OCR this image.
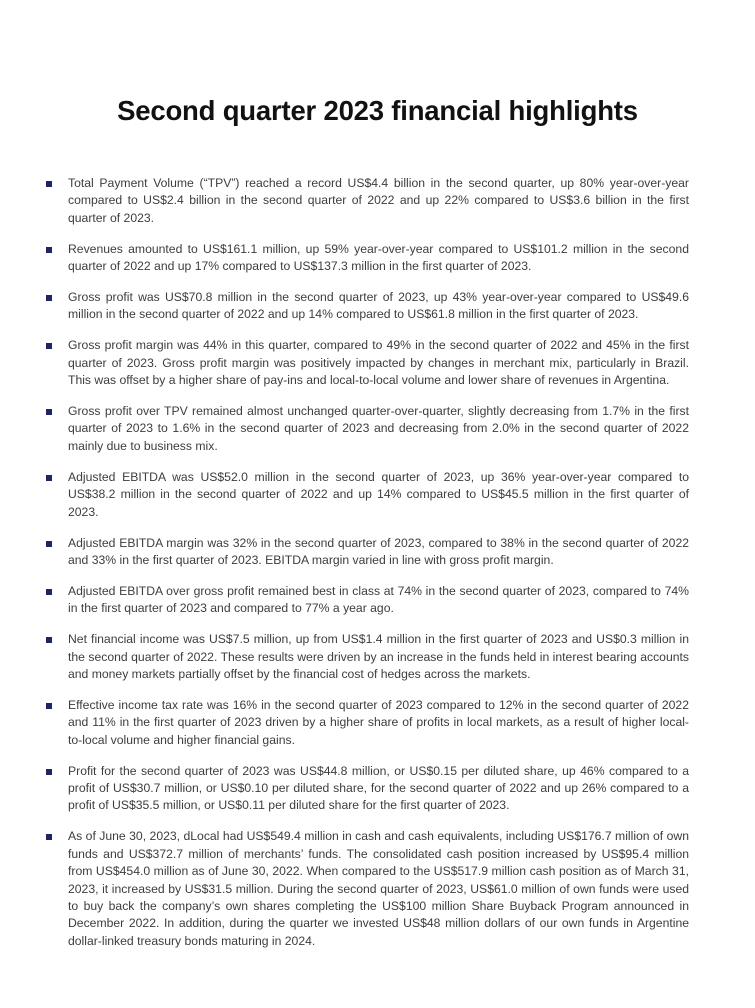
Second quarter 2023 financial highlights
Total Payment Volume (“TPV”) reached a record US$4.4 billion in the second quarter, up 80% year-over-year compared to US$2.4 billion in the second quarter of 2022 and up 22% compared to US$3.6 billion in the first quarter of 2023.
Revenues amounted to US$161.1 million, up 59% year-over-year compared to US$101.2 million in the second quarter of 2022 and up 17% compared to US$137.3 million in the first quarter of 2023.
Gross profit was US$70.8 million in the second quarter of 2023, up 43% year-over-year compared to US$49.6 million in the second quarter of 2022 and up 14% compared to US$61.8 million in the first quarter of 2023.
Gross profit margin was 44% in this quarter, compared to 49% in the second quarter of 2022 and 45% in the first quarter of 2023. Gross profit margin was positively impacted by changes in merchant mix, particularly in Brazil. This was offset by a higher share of pay-ins and local-to-local volume and lower share of revenues in Argentina.
Gross profit over TPV remained almost unchanged quarter-over-quarter, slightly decreasing from 1.7% in the first quarter of 2023 to 1.6% in the second quarter of 2023 and decreasing from 2.0% in the second quarter of 2022 mainly due to business mix.
Adjusted EBITDA was US$52.0 million in the second quarter of 2023, up 36% year-over-year compared to US$38.2 million in the second quarter of 2022 and up 14% compared to US$45.5 million in the first quarter of 2023.
Adjusted EBITDA margin was 32% in the second quarter of 2023, compared to 38% in the second quarter of 2022 and 33% in the first quarter of 2023. EBITDA margin varied in line with gross profit margin.
Adjusted EBITDA over gross profit remained best in class at 74% in the second quarter of 2023, compared to 74% in the first quarter of 2023 and compared to 77% a year ago.
Net financial income was US$7.5 million, up from US$1.4 million in the first quarter of 2023 and US$0.3 million in the second quarter of 2022. These results were driven by an increase in the funds held in interest bearing accounts and money markets partially offset by the financial cost of hedges across the markets.
Effective income tax rate was 16% in the second quarter of 2023 compared to 12% in the second quarter of 2022 and 11% in the first quarter of 2023 driven by a higher share of profits in local markets, as a result of higher local-to-local volume and higher financial gains.
Profit for the second quarter of 2023 was US$44.8 million, or US$0.15 per diluted share, up 46% compared to a profit of US$30.7 million, or US$0.10 per diluted share, for the second quarter of 2022 and up 26% compared to a profit of US$35.5 million, or US$0.11 per diluted share for the first quarter of 2023.
As of June 30, 2023, dLocal had US$549.4 million in cash and cash equivalents, including US$176.7 million of own funds and US$372.7 million of merchants’ funds. The consolidated cash position increased by US$95.4 million from US$454.0 million as of June 30, 2022. When compared to the US$517.9 million cash position as of March 31, 2023, it increased by US$31.5 million. During the second quarter of 2023, US$61.0 million of own funds were used to buy back the company’s own shares completing the US$100 million Share Buyback Program announced in December 2022. In addition, during the quarter we invested US$48 million dollars of our own funds in Argentine dollar-linked treasury bonds maturing in 2024.
